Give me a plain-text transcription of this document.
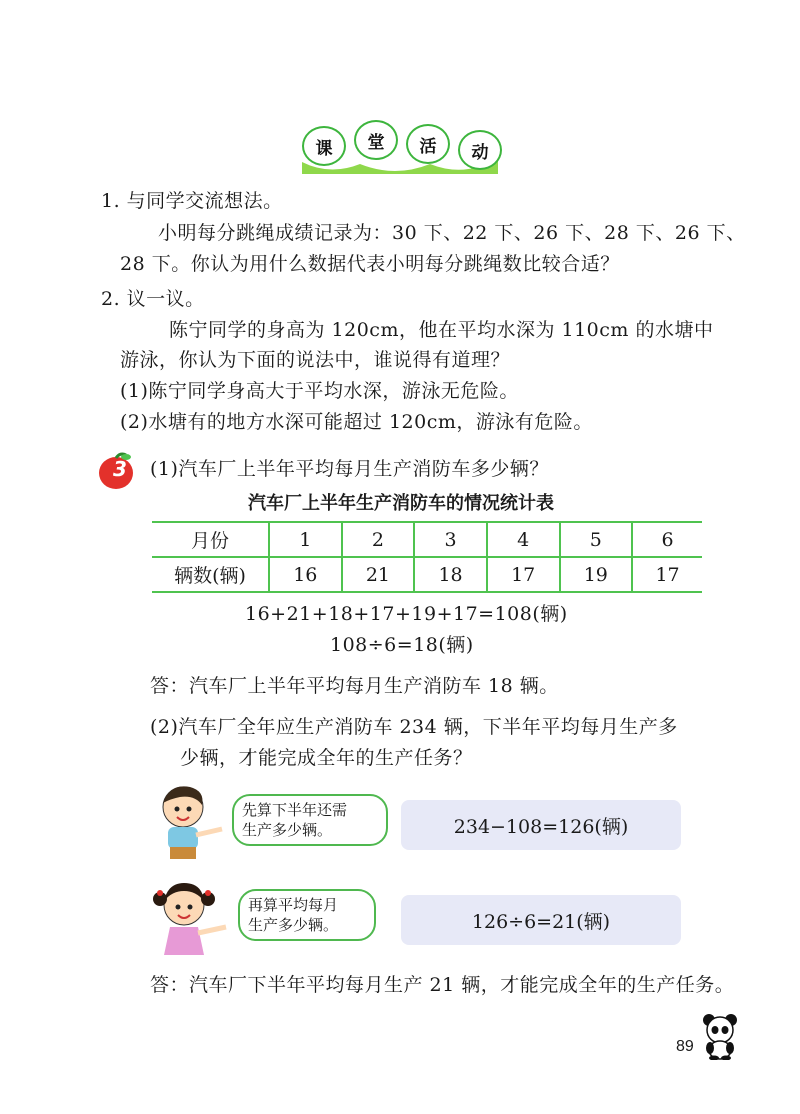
课	堂	活	动
1. 与同学交流想法。
小明每分跳绳成绩记录为：30 下、22 下、26 下、28 下、26 下、
28 下。你认为用什么数据代表小明每分跳绳数比较合适？
2. 议一议。
陈宁同学的身高为 120cm，他在平均水深为 110cm 的水塘中
游泳，你认为下面的说法中，谁说得有道理？
(1)陈宁同学身高大于平均水深，游泳无危险。
(2)水塘有的地方水深可能超过 120cm，游泳有危险。
3 (1)汽车厂上半年平均每月生产消防车多少辆？
汽车厂上半年生产消防车的情况统计表
月份	1	2	3	4	5	6
辆数(辆)	16	21	18	17	19	17
16+21+18+17+19+17=108(辆)
108÷6=18(辆)
答：汽车厂上半年平均每月生产消防车 18 辆。
(2)汽车厂全年应生产消防车 234 辆，下半年平均每月生产多
少辆，才能完成全年的生产任务？
先算下半年还需
生产多少辆。	234−108=126(辆)
再算平均每月
生产多少辆。	126÷6=21(辆)
答：汽车厂下半年平均每月生产 21 辆，才能完成全年的生产任务。
89
